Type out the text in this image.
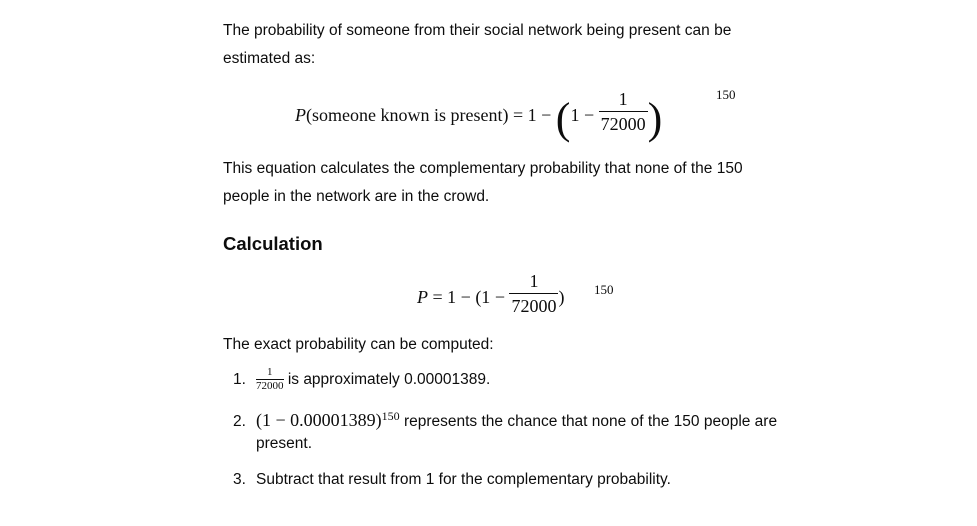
The probability of someone from their social network being present can be

estimated as:

P(someone known is present) = $1 - (1 - \frac{1}{72000}$ )	150

This equation calculates the complementary probability that none of the 150

people in the network are in the crowd.

Calculation
$P = 1 - (1 - \frac{1}{72000}$ ) 150

The exact probability can be computed:

1. $\frac{1}{72000}$ is approximately 0.00001389.
2. $(1 - 0.00001389)^{150}$ represents the chance that none of the 150 people are
present.
3. Subtract that result from 1 for the complementary probability.
